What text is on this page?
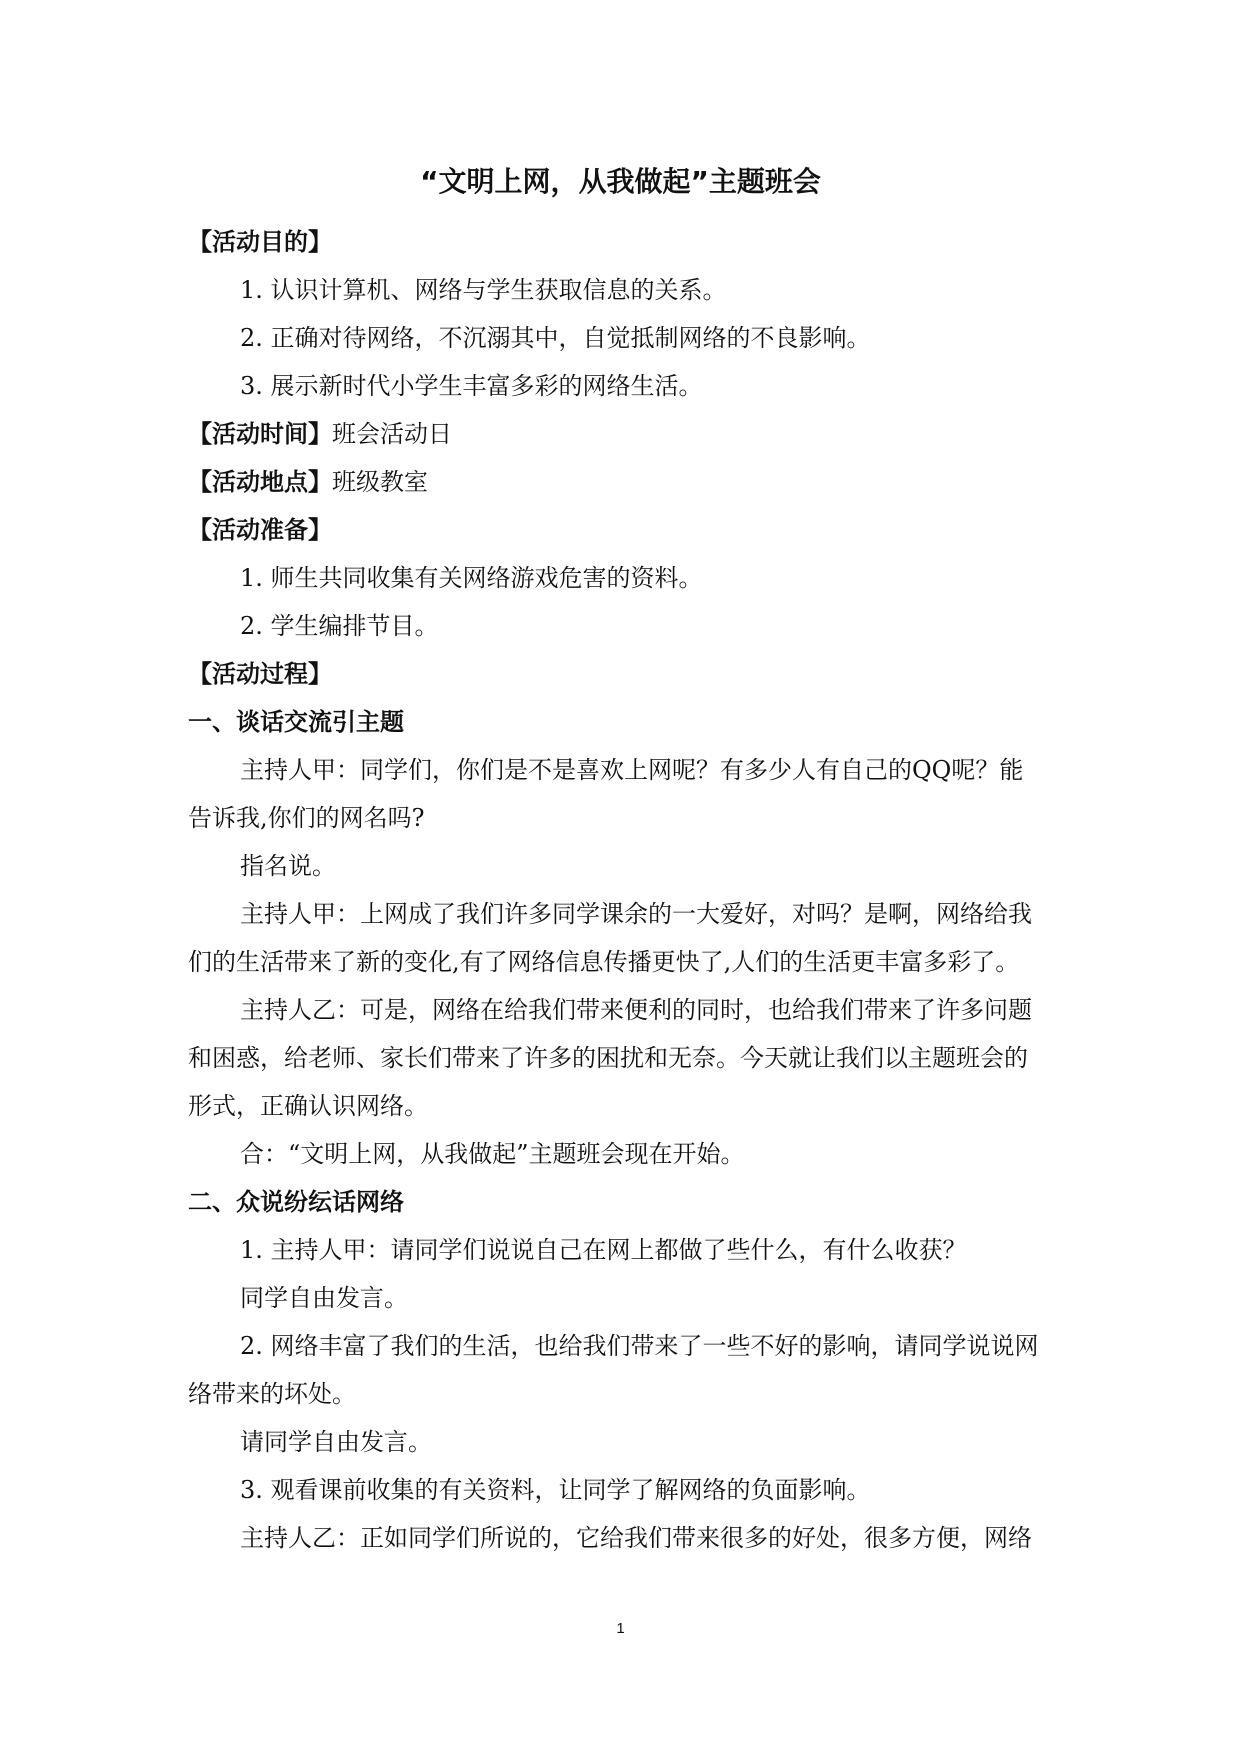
“文明上网，从我做起”主题班会
【活动目的】
1. 认识计算机、网络与学生获取信息的关系。
2. 正确对待网络，不沉溺其中，自觉抵制网络的不良影响。
3. 展示新时代小学生丰富多彩的网络生活。
【活动时间】班会活动日
【活动地点】班级教室
【活动准备】
1. 师生共同收集有关网络游戏危害的资料。
2. 学生编排节目。
【活动过程】
一、谈话交流引主题
主持人甲：同学们，你们是不是喜欢上网呢？有多少人有自己的QQ呢？能
告诉我,你们的网名吗?
指名说。
主持人甲：上网成了我们许多同学课余的一大爱好，对吗？是啊，网络给我
们的生活带来了新的变化,有了网络信息传播更快了,人们的生活更丰富多彩了。
主持人乙：可是，网络在给我们带来便利的同时，也给我们带来了许多问题
和困惑，给老师、家长们带来了许多的困扰和无奈。今天就让我们以主题班会的
形式，正确认识网络。
合：“文明上网，从我做起”主题班会现在开始。
二、众说纷纭话网络
1. 主持人甲：请同学们说说自己在网上都做了些什么，有什么收获？
同学自由发言。
2. 网络丰富了我们的生活，也给我们带来了一些不好的影响，请同学说说网
络带来的坏处。
请同学自由发言。
3. 观看课前收集的有关资料，让同学了解网络的负面影响。
主持人乙：正如同学们所说的，它给我们带来很多的好处，很多方便，网络
1
